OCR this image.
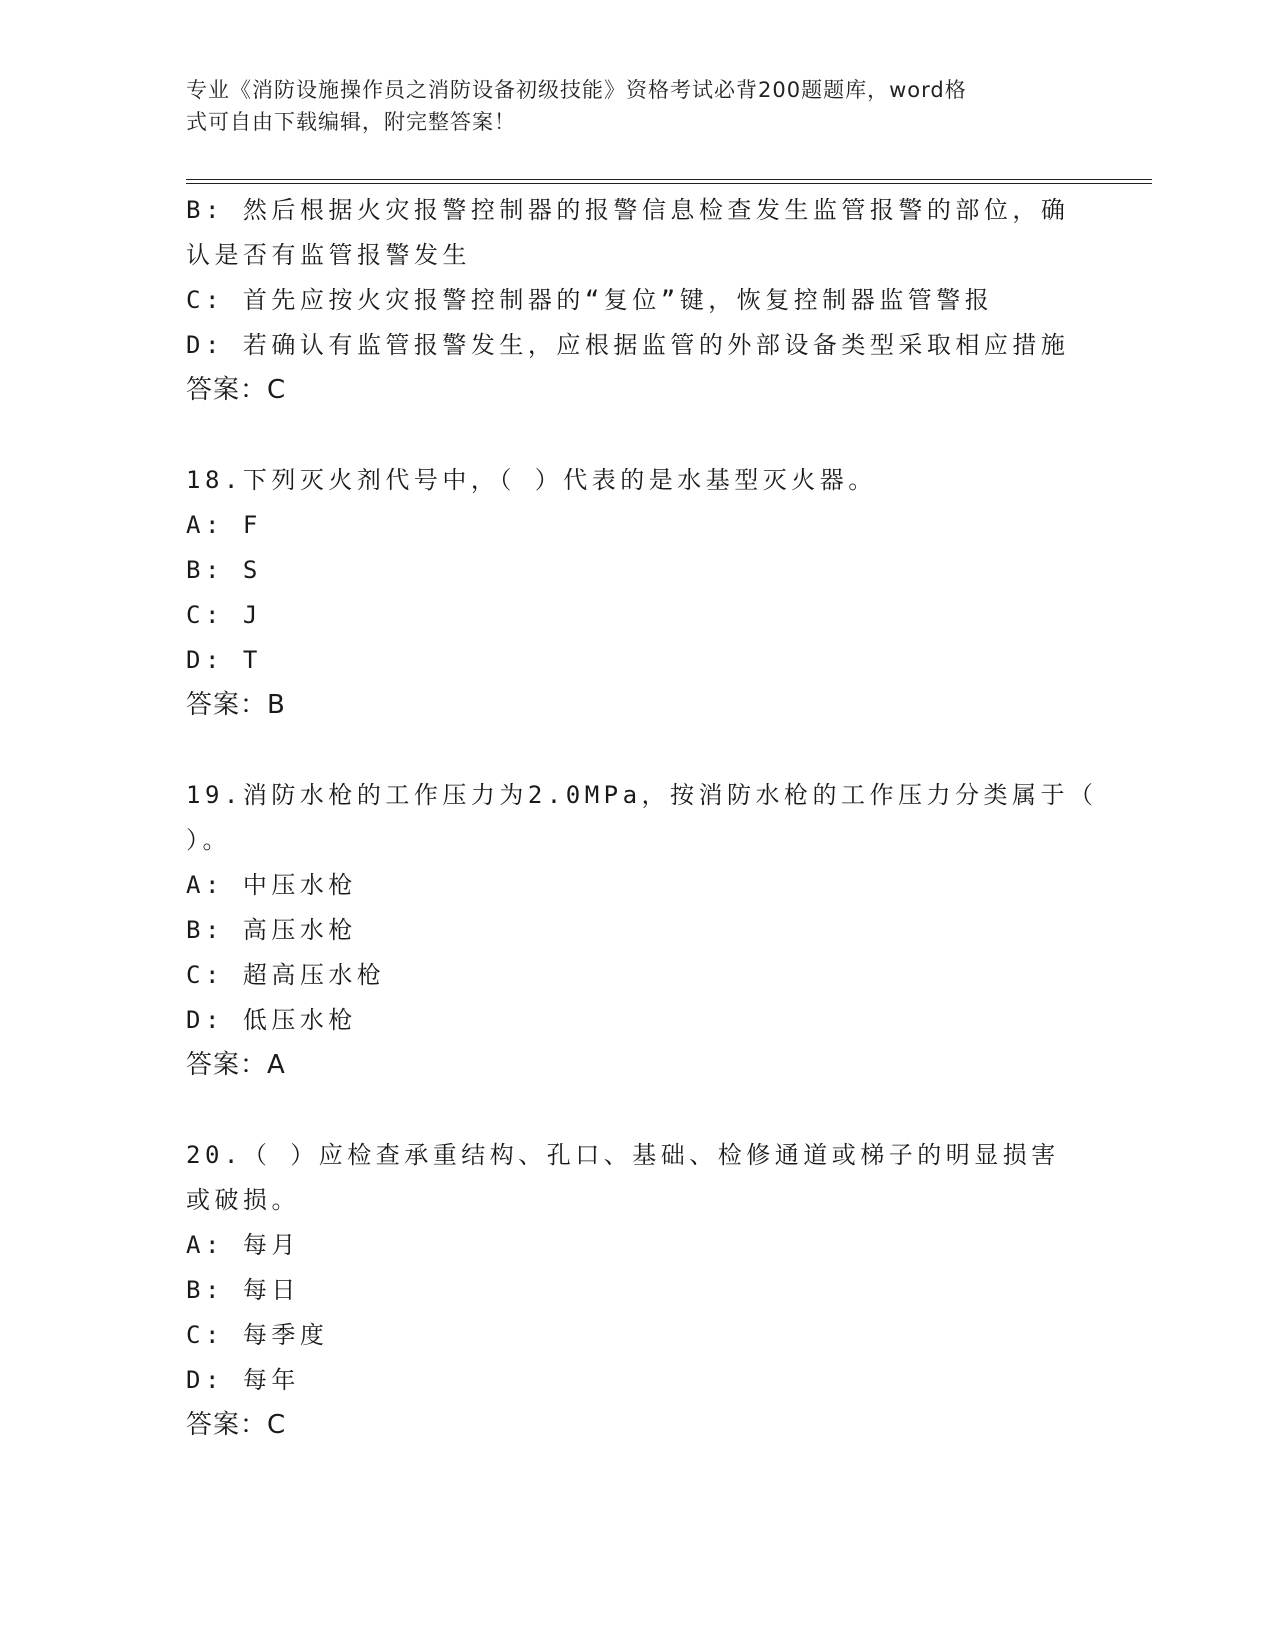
专业《消防设施操作员之消防设备初级技能》资格考试必背200题题库，word格
式可自由下载编辑，附完整答案！
B: 然后根据火灾报警控制器的报警信息检查发生监管报警的部位，确
认是否有监管报警发生
C: 首先应按火灾报警控制器的“复位”键，恢复控制器监管警报
D: 若确认有监管报警发生，应根据监管的外部设备类型采取相应措施
答案：C
18.下列灭火剂代号中，（ ）代表的是水基型灭火器。
A: F
B: S
C: J
D: T
答案：B
19.消防水枪的工作压力为2.0MPa，按消防水枪的工作压力分类属于（
）。
A: 中压水枪
B: 高压水枪
C: 超高压水枪
D: 低压水枪
答案：A
20.（ ）应检查承重结构、孔口、基础、检修通道或梯子的明显损害
或破损。
A: 每月
B: 每日
C: 每季度
D: 每年
答案：C
